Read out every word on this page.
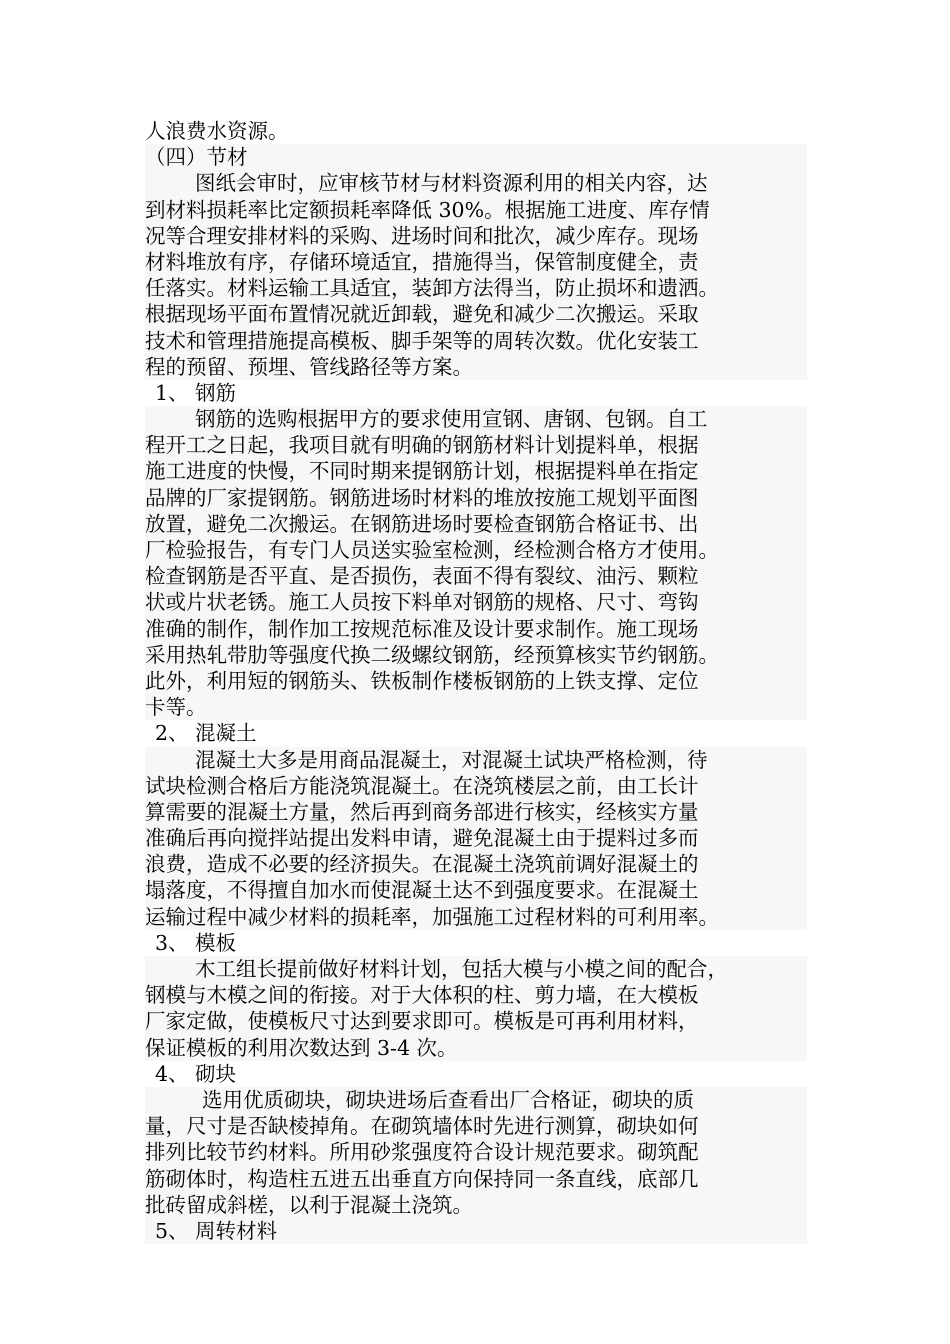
人浪费水资源。
（四）节材
图纸会审时，应审核节材与材料资源利用的相关内容，达
到材料损耗率比定额损耗率降低 30%。根据施工进度、库存情
况等合理安排材料的采购、进场时间和批次，减少库存。现场
材料堆放有序，存储环境适宜，措施得当，保管制度健全，责
任落实。材料运输工具适宜，装卸方法得当，防止损坏和遗洒。
根据现场平面布置情况就近卸载，避免和减少二次搬运。采取
技术和管理措施提高模板、脚手架等的周转次数。优化安装工
程的预留、预埋、管线路径等方案。
1、 钢筋
钢筋的选购根据甲方的要求使用宣钢、唐钢、包钢。自工
程开工之日起，我项目就有明确的钢筋材料计划提料单，根据
施工进度的快慢，不同时期来提钢筋计划，根据提料单在指定
品牌的厂家提钢筋。钢筋进场时材料的堆放按施工规划平面图
放置，避免二次搬运。在钢筋进场时要检查钢筋合格证书、出
厂检验报告，有专门人员送实验室检测，经检测合格方才使用。
检查钢筋是否平直、是否损伤，表面不得有裂纹、油污、颗粒
状或片状老锈。施工人员按下料单对钢筋的规格、尺寸、弯钩
准确的制作，制作加工按规范标准及设计要求制作。施工现场
采用热轧带肋等强度代换二级螺纹钢筋，经预算核实节约钢筋。
此外，利用短的钢筋头、铁板制作楼板钢筋的上铁支撑、定位
卡等。
2、 混凝土
混凝土大多是用商品混凝土，对混凝土试块严格检测，待
试块检测合格后方能浇筑混凝土。在浇筑楼层之前，由工长计
算需要的混凝土方量，然后再到商务部进行核实，经核实方量
准确后再向搅拌站提出发料申请，避免混凝土由于提料过多而
浪费，造成不必要的经济损失。在混凝土浇筑前调好混凝土的
塌落度，不得擅自加水而使混凝土达不到强度要求。在混凝土
运输过程中减少材料的损耗率，加强施工过程材料的可利用率。
3、 模板
木工组长提前做好材料计划，包括大模与小模之间的配合，
钢模与木模之间的衔接。对于大体积的柱、剪力墙，在大模板
厂家定做，使模板尺寸达到要求即可。模板是可再利用材料，
保证模板的利用次数达到 3-4 次。
4、 砌块
选用优质砌块，砌块进场后查看出厂合格证，砌块的质
量，尺寸是否缺棱掉角。在砌筑墙体时先进行测算，砌块如何
排列比较节约材料。所用砂浆强度符合设计规范要求。砌筑配
筋砌体时，构造柱五进五出垂直方向保持同一条直线，底部几
批砖留成斜槎，以利于混凝土浇筑。
5、 周转材料
